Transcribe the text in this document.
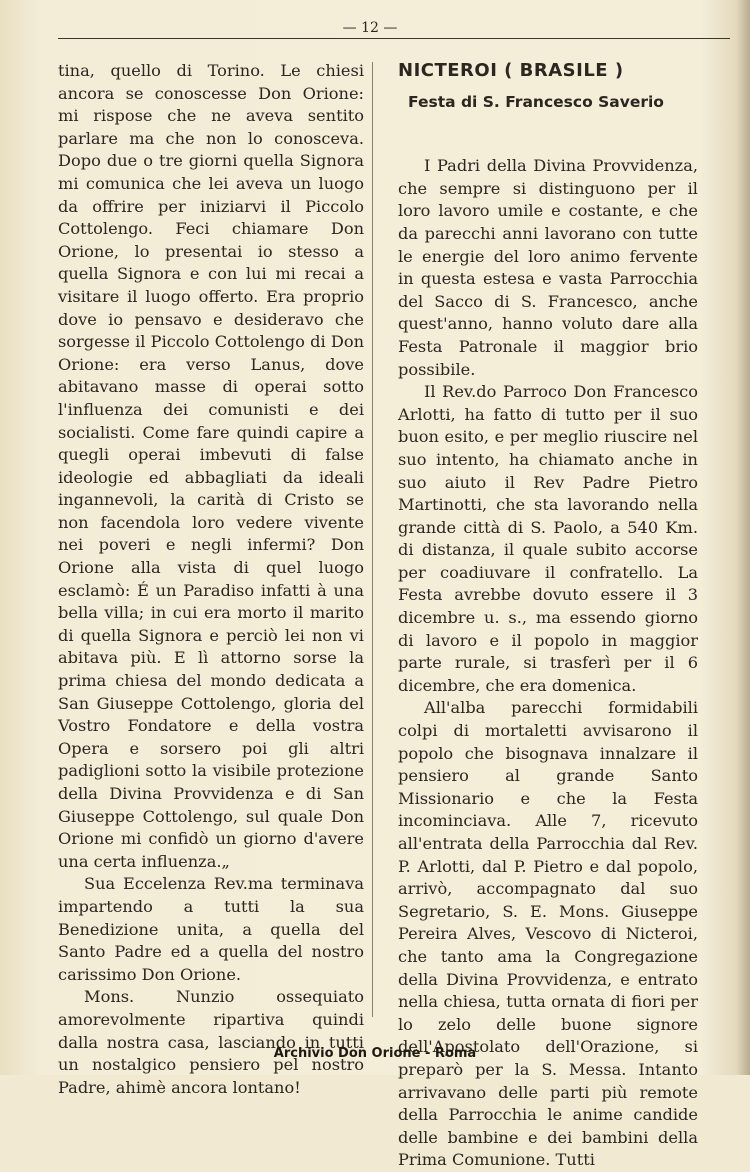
— 12 —

tina, quello di Torino. Le chiesi ancora se conoscesse Don Orione: mi rispose che ne aveva sentito parlare ma che non lo conosceva. Dopo due o tre giorni quella Signora mi comunica che lei aveva un luogo da offrire per iniziarvi il Piccolo Cottolengo. Feci chiamare Don Orione, lo presentai io stesso a quella Signora e con lui mi recai a visitare il luogo offerto. Era proprio dove io pensavo e desideravo che sorgesse il Piccolo Cottolengo di Don Orione: era verso Lanus, dove abitavano masse di operai sotto l'influenza dei comunisti e dei socialisti. Come fare quindi capire a quegli operai imbevuti di false ideologie ed abbagliati da ideali ingannevoli, la carità di Cristo se non facendola loro vedere vivente nei poveri e negli infermi? Don Orione alla vista di quel luogo esclamò: É un Paradiso infatti à una bella villa; in cui era morto il marito di quella Signora e perciò lei non vi abitava più. E lì attorno sorse la prima chiesa del mondo dedicata a San Giuseppe Cottolengo, gloria del Vostro Fondatore e della vostra Opera e sorsero poi gli altri padiglioni sotto la visibile protezione della Divina Provvidenza e di San Giuseppe Cottolengo, sul quale Don Orione mi confidò un giorno d'avere una certa influenza.„

Sua Eccelenza Rev.ma terminava impartendo a tutti la sua Benedizione unita, a quella del Santo Padre ed a quella del nostro carissimo Don Orione.

Mons. Nunzio ossequiato amorevolmente ripartiva quindi dalla nostra casa, lasciando in tutti un nostalgico pensiero pel nostro Padre, ahimè ancora lontano!

NICTEROI ( BRASILE )
Festa di S. Francesco Saverio

I Padri della Divina Provvidenza, che sempre si distinguono per il loro lavoro umile e costante, e che da parecchi anni lavorano con tutte le energie del loro animo fervente in questa estesa e vasta Parrocchia del Sacco di S. Francesco, anche quest'anno, hanno voluto dare alla Festa Patronale il maggior brio possibile.

Il Rev.do Parroco Don Francesco Arlotti, ha fatto di tutto per il suo buon esito, e per meglio riuscire nel suo intento, ha chiamato anche in suo aiuto il Rev Padre Pietro Martinotti, che sta lavorando nella grande città di S. Paolo, a 540 Km. di distanza, il quale subito accorse per coadiuvare il confratello. La Festa avrebbe dovuto essere il 3 dicembre u. s., ma essendo giorno di lavoro e il popolo in maggior parte rurale, si trasferì per il 6 dicembre, che era domenica.

All'alba parecchi formidabili colpi di mortaletti avvisarono il popolo che bisognava innalzare il pensiero al grande Santo Missionario e che la Festa incominciava. Alle 7, ricevuto all'entrata della Parrocchia dal Rev. P. Arlotti, dal P. Pietro e dal popolo, arrivò, accompagnato dal suo Segretario, S. E. Mons. Giuseppe Pereira Alves, Vescovo di Nicteroi, che tanto ama la Congregazione della Divina Provvidenza, e entrato nella chiesa, tutta ornata di fiori per lo zelo delle buone signore dell'Apostolato dell'Orazione, si preparò per la S. Messa. Intanto arrivavano delle parti più remote della Parrocchia le anime candide delle bambine e dei bambini della Prima Comunione. Tutti

Archivio Don Orione - Roma
